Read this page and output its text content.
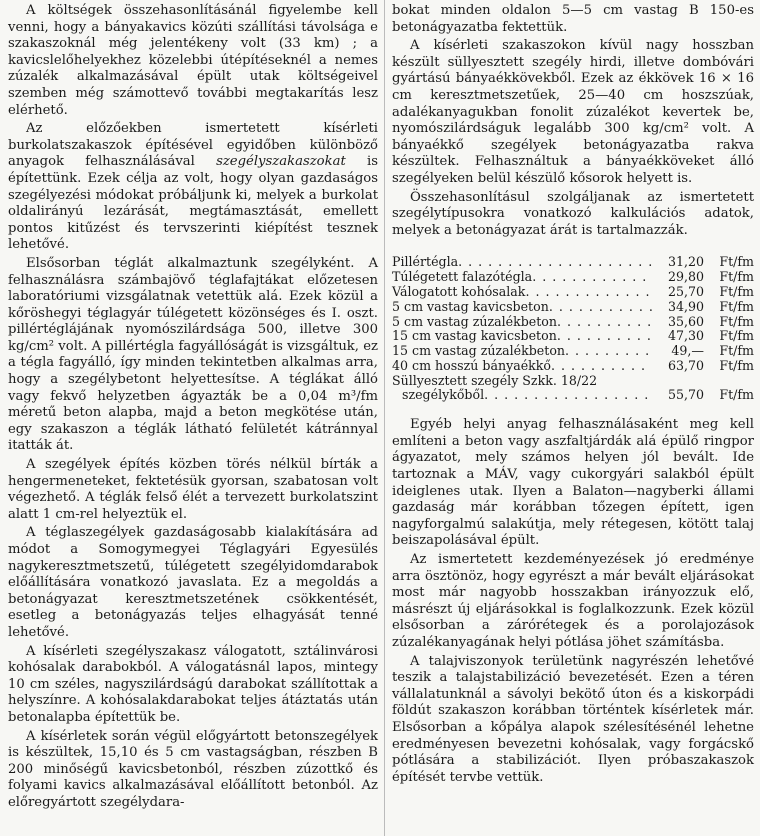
A költségek összehasonlításánál figyelembe kell venni, hogy a bányakavics közúti szállítási távolsága e szakaszoknál még jelentékeny volt (33 km) ; a kavicslelőhelyekhez közelebbi útépítéseknél a nemes zúzalék alkalmazásával épült utak költségeivel szemben még számottevő további megtakarítás lesz elérhető.

Az előzőekben ismertetett kísérleti burkolatszakaszok építésével egyidőben különböző anyagok felhasználásával szegélyszakaszokat is építettünk. Ezek célja az volt, hogy olyan gazdaságos szegélyezési módokat próbáljunk ki, melyek a burkolat oldalirányú lezárását, megtámasztását, emellett pontos kitűzést és tervszerinti kiépítést tesznek lehetővé.

Elsősorban téglát alkalmaztunk szegélyként. A felhasználásra számbajövő téglafajtákat előzetesen laboratóriumi vizsgálatnak vetettük alá. Ezek közül a kőröshegyi téglagyár túlégetett közönséges és I. oszt. pillértéglájának nyomószilárdsága 500, illetve 300 kg/cm² volt. A pillértégla fagyállóságát is vizsgáltuk, ez a tégla fagyálló, így minden tekintetben alkalmas arra, hogy a szegélybetont helyettesítse. A téglákat álló vagy fekvő helyzetben ágyazták be a 0,04 m³/fm méretű beton alapba, majd a beton megkötése után, egy szakaszon a téglák látható felületét kátránnyal itatták át.

A szegélyek építés közben törés nélkül bírták a hengermeneteket, fektetésük gyorsan, szabatosan volt végezhető. A téglák felső élét a tervezett burkolatszint alatt 1 cm-rel helyeztük el.

A téglaszegélyek gazdaságosabb kialakítására ad módot a Somogymegyei Téglagyári Egyesülés nagykeresztmetszetű, túlégetett szegélyidomdarabok előállítására vonatkozó javaslata. Ez a megoldás a betonágyazat keresztmetszetének csökkentését, esetleg a betonágyazás teljes elhagyását tenné lehetővé.

A kísérleti szegélyszakasz válogatott, sztálinvárosi kohósalak darabokból. A válogatásnál lapos, mintegy 10 cm széles, nagyszilárdságú darabokat szállítottak a helyszínre. A kohósalakdarabokat teljes átáztatás után betonalapba építettük be.

A kísérletek során végül előgyártott betonszegélyek is készültek, 15,10 és 5 cm vastagságban, részben B 200 minőségű kavicsbetonból, részben zúzottkő és folyami kavics alkalmazásával előállított betonból. Az előregyártott szegélydara-

bokat minden oldalon 5—5 cm vastag B 150-es betonágyazatba fektettük.

A kísérleti szakaszokon kívül nagy hosszban készült süllyesztett szegély hirdi, illetve dombóvári gyártású bányaékkövekből. Ezek az ékkövek 16 × 16 cm keresztmetszetűek, 25—40 cm hoszszúak, adalékanyagukban fonolit zúzalékot kevertek be, nyomószilárdságuk legalább 300 kg/cm² volt. A bányaékkő szegélyek betonágyazatba rakva készültek. Felhasználtuk a bányaékköveket álló szegélyeken belül készülő kősorok helyett is.

Összehasonlításul szolgáljanak az ismertetett szegélytípusokra vonatkozó kalkulációs adatok, melyek a betonágyazat árát is tartalmazzák.

Pillértégla . . .	31,20	Ft/fm
Túlégetett falazótégla . . .	29,80	Ft/fm
Válogatott kohósalak . . .	25,70	Ft/fm
5 cm vastag kavicsbeton . . .	34,90	Ft/fm
5 cm vastag zúzalékbeton . . .	35,60	Ft/fm
15 cm vastag kavicsbeton . . .	47,30	Ft/fm
15 cm vastag zúzalékbeton . . .	49,—	Ft/fm
40 cm hosszú bányaékkő . . .	63,70	Ft/fm
Süllyesztett szegély Szkk. 18/22
szegélykőből . . .	55,70	Ft/fm

Egyéb helyi anyag felhasználásaként meg kell említeni a beton vagy aszfaltjárdák alá épülő ringpor ágyazatot, mely számos helyen jól bevált. Ide tartoznak a MÁV, vagy cukorgyári salakból épült ideiglenes utak. Ilyen a Balaton—nagyberki állami gazdaság már korábban tőzegen épített, igen nagyforgalmú salakútja, mely rétegesen, kötött talaj beiszapolásával épült.

Az ismertetett kezdeményezések jó eredménye arra ösztönöz, hogy egyrészt a már bevált eljárásokat most már nagyobb hosszakban irányozzuk elő, másrészt új eljárásokkal is foglalkozzunk. Ezek közül elsősorban a zárórétegek és a porolajozások zúzalékanyagának helyi pótlása jöhet számításba.

A talajviszonyok területünk nagyrészén lehetővé teszik a talajstabilizáció bevezetését. Ezen a téren vállalatunknál a sávolyi bekötő úton és a kiskorpádi földút szakaszon korábban történtek kísérletek már. Elsősorban a kőpálya alapok szélesítésénél lehetne eredményesen bevezetni kohósalak, vagy forgácskő pótlására a stabilizációt. Ilyen próbaszakaszok építését tervbe vettük.
